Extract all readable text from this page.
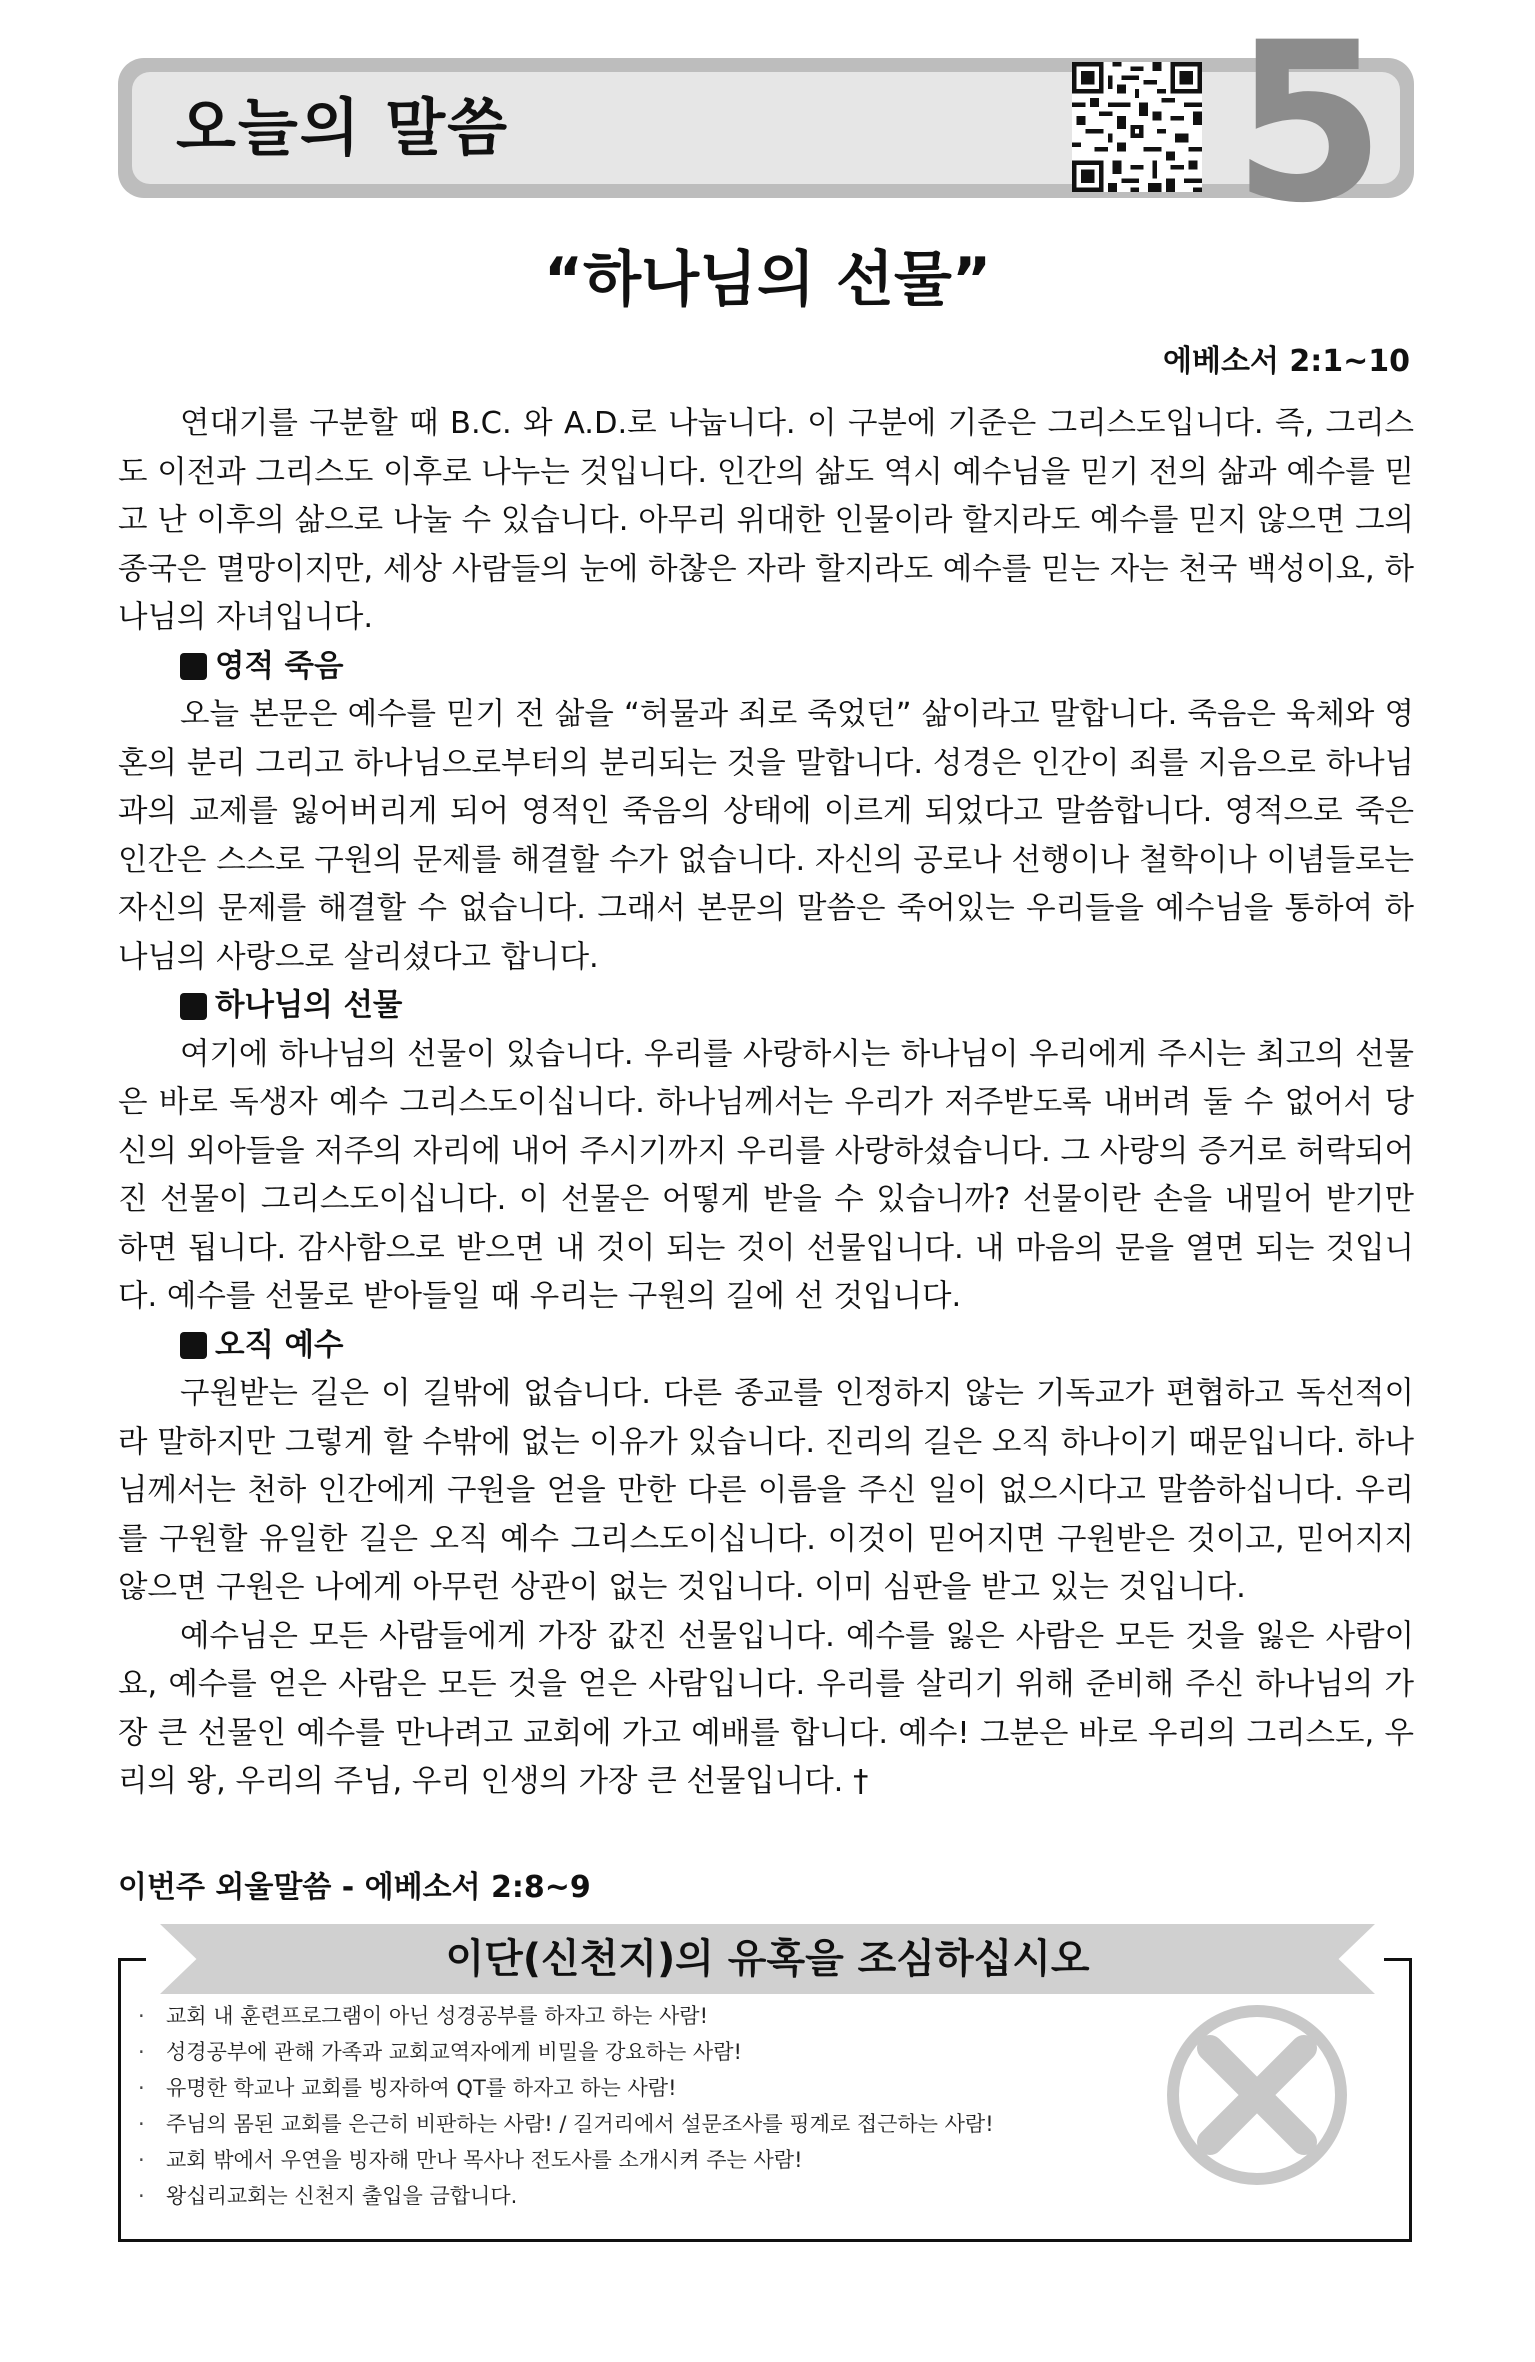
오늘의 말씀	5
“하나님의 선물”
에베소서 2:1~10

연대기를 구분할 때 B.C. 와 A.D.로 나눕니다. 이 구분에 기준은 그리스도입니다. 즉, 그리스도 이전과 그리스도 이후로 나누는 것입니다. 인간의 삶도 역시 예수님을 믿기 전의 삶과 예수를 믿고 난 이후의 삶으로 나눌 수 있습니다. 아무리 위대한 인물이라 할지라도 예수를 믿지 않으면 그의 종국은 멸망이지만, 세상 사람들의 눈에 하찮은 자라 할지라도 예수를 믿는 자는 천국 백성이요, 하나님의 자녀입니다.

영적 죽음

오늘 본문은 예수를 믿기 전 삶을 “허물과 죄로 죽었던” 삶이라고 말합니다. 죽음은 육체와 영혼의 분리 그리고 하나님으로부터의 분리되는 것을 말합니다. 성경은 인간이 죄를 지음으로 하나님과의 교제를 잃어버리게 되어 영적인 죽음의 상태에 이르게 되었다고 말씀합니다. 영적으로 죽은 인간은 스스로 구원의 문제를 해결할 수가 없습니다. 자신의 공로나 선행이나 철학이나 이념들로는 자신의 문제를 해결할 수 없습니다. 그래서 본문의 말씀은 죽어있는 우리들을 예수님을 통하여 하나님의 사랑으로 살리셨다고 합니다.

하나님의 선물

여기에 하나님의 선물이 있습니다. 우리를 사랑하시는 하나님이 우리에게 주시는 최고의 선물은 바로 독생자 예수 그리스도이십니다. 하나님께서는 우리가 저주받도록 내버려 둘 수 없어서 당신의 외아들을 저주의 자리에 내어 주시기까지 우리를 사랑하셨습니다. 그 사랑의 증거로 허락되어진 선물이 그리스도이십니다. 이 선물은 어떻게 받을 수 있습니까? 선물이란 손을 내밀어 받기만 하면 됩니다. 감사함으로 받으면 내 것이 되는 것이 선물입니다. 내 마음의 문을 열면 되는 것입니다. 예수를 선물로 받아들일 때 우리는 구원의 길에 선 것입니다.

오직 예수

구원받는 길은 이 길밖에 없습니다. 다른 종교를 인정하지 않는 기독교가 편협하고 독선적이라 말하지만 그렇게 할 수밖에 없는 이유가 있습니다. 진리의 길은 오직 하나이기 때문입니다. 하나님께서는 천하 인간에게 구원을 얻을 만한 다른 이름을 주신 일이 없으시다고 말씀하십니다. 우리를 구원할 유일한 길은 오직 예수 그리스도이십니다. 이것이 믿어지면 구원받은 것이고, 믿어지지 않으면 구원은 나에게 아무런 상관이 없는 것입니다. 이미 심판을 받고 있는 것입니다.

예수님은 모든 사람들에게 가장 값진 선물입니다. 예수를 잃은 사람은 모든 것을 잃은 사람이요, 예수를 얻은 사람은 모든 것을 얻은 사람입니다. 우리를 살리기 위해 준비해 주신 하나님의 가장 큰 선물인 예수를 만나려고 교회에 가고 예배를 합니다. 예수! 그분은 바로 우리의 그리스도, 우리의 왕, 우리의 주님, 우리 인생의 가장 큰 선물입니다. †

이번주 외울말씀 - 에베소서 2:8~9
이단(신천지)의 유혹을 조심하십시오
·	교회 내 훈련프로그램이 아닌 성경공부를 하자고 하는 사람!
·	성경공부에 관해 가족과 교회교역자에게 비밀을 강요하는 사람!
·	유명한 학교나 교회를 빙자하여 QT를 하자고 하는 사람!
·	주님의 몸된 교회를 은근히 비판하는 사람! / 길거리에서 설문조사를 핑계로 접근하는 사람!
·	교회 밖에서 우연을 빙자해 만나 목사나 전도사를 소개시켜 주는 사람!
·	왕십리교회는 신천지 출입을 금합니다.
